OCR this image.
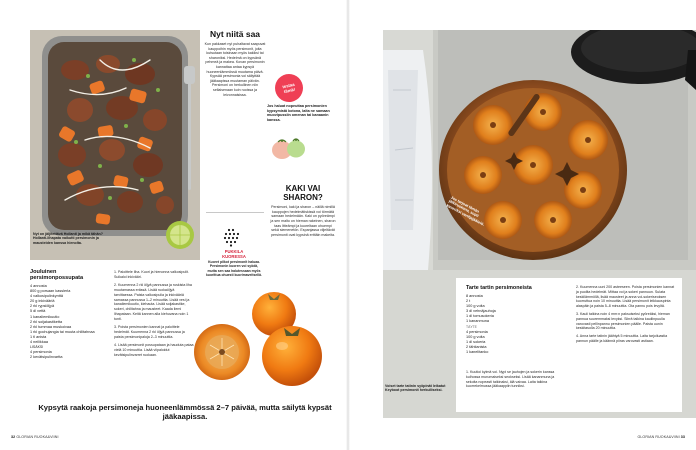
Nyt on jäljitettävä Hollanti ja mikä tähän? Hollanti-lihapata vaikutti persimonin ja mausteiden kanssa hienolta.
Nyt niitä saa
Kun pakkaset nyt puhaltavat saapuvat kauppoihin myös persimonit, joita kutsutaan toisinaan myös kakiksi tai sharoniksi. Hedelmä on kypsänä pehmeä ja makea. Kovan persimonin kannattaa antaa kypsyä huoneenlämmössä muutama päivä. Kypsää persimonia voi säilyttää jääkaapissa muutaman päivän. Persimoni on herkullinen niin sellaisenaan kuin ruoissa ja leivonnaisissa.
testaa
tämä!
Jos haluat nopeuttaa persimonien kypsymistä kotona, laita ne samaan muovipussiin omenan tai banaanin kanssa.
KAKI VAI SHARON?
Persimoni, kaki ja sharon – näillä nimillä kauppojen hedelmätiskissä voi törmätä samaan hedelmään. Kaki on pyöreämpi ja sen malto on hieman rakeinen, sharon taas litteämpi ja kuoreltaan ohuempi sekä siemenetön. Espanjassa viljeltävät persimonit ovat kypsinä erittäin makeita.
PUKKILA
KUORESSA
Kuoret pilkot persimonit haluaa. Persimonin kuoren voi syödä, mutta sen saa halutessaan myös kuorittua ohuesti kuorimaveitsellä.
Jouluinen persimonpossupata
4 annosta
800 g porsaan kasslerla
4 valkosipulinkynttä
20 g inkivääriä
2 rkl rypsiöljyä
5 dl vettä
1 kanaliemikuutio
2 rkl soijakastiketta
2 rkl tummaa muskoivaa
1 rkl gochujangia tai muuta chilitahnaa
1 tl anista
4 neilikkaa
LISÄKSI
4 persimonia
2 kevätsipulinvartta

1. Paloittele liha. Kuori ja hienonna valkosipulit. Suikaloi inkivääri.

2. Kuumenna 2 rkl öljyä pannussa ja ruskista liha muutamassa erässä. Lisää ruokaöljyä tarvittaessa. Paista valkosipulia ja inkivääriä samassa pannussa 1–2 minuuttia. Lisää vesi ja kanaliemikuutio, kiehauta. Lisää soijakastike, sokeri, chilitahna ja mausteet. Kaada liemi lihapataan. Keitä kannen alla kiehuvana noin 1 tunti.

3. Poista persimonien kannat ja paloittele hedelmät. Kuumenna 2 rkl öljyä pannussa ja paista persimonipaloja 2–3 minuuttia.

4. Lisää persimonit possupataan ja hauduta pataa vielä 10 minuuttia. Lisää viipaloidut kevätsipulinvarret ruokaan.

Kypsytä raakoja persimoneja huoneenlämmössä 2–7 päivää, mutta säilytä kypsät jääkaapissa.
32 GLORIAN RUOKA&VIINI
Jos tarjoat tämän jälkiruokana, sopii kaveriksi vaniljajäätelö.
Voiset tarte tatinin syöpinät leikatut Keyboot persimonit herkulliseksi.
Tarte tartin persimoneista
8 annosta
2 t
100 g voita
3 dl vehnäjauhoja
1 dl tomusokeria
1 kananmuna
TÄYTE
4 persimonia
100 g voita
1 dl sokeria
2 tähtianista
1 kanelitanko
1. Kuutioi kylmä voi. Nypi se jauhojen ja sokerin kanssa kulhossa murumaiseksi seokseksi. Lisää kananmuna ja sekoita nopeasti taikinaksi, älä vaivaa. Laita taikina kuorrekelmussa jääkaappiin tunniksi.

2. Kuumenna uuni 200 asteeseen. Poista persimonien kannat ja puolita hedelmät. Mittaa voi ja sokeri pannuun. Sulata keskilämmöllä, lisää mausteet ja anna voi-sokeriseoksen kuorruttua noin 10 minuuttia. Lisää persimonit leikkauspinta alaspäin ja paista 5–8 minuuttia. Ota pannu pois levyltä.

3. Kauli taikina noin 4 mm:n paksuiseksi pyöreäksi, hieman pannua suuremmaksi levyksi. Siirrä taikina kauliinpuulla varovasti pellinpannu persimonien päälle. Paista uunin keskitasolla 20 minuuttia.

4. Anna tarte tatinin jäähtyä 5 minuuttia. Laita tarjoiluastia pannun päälle ja käännä piiras varovasti astiaan.

GLORIAN RUOKA&VIINI 33
